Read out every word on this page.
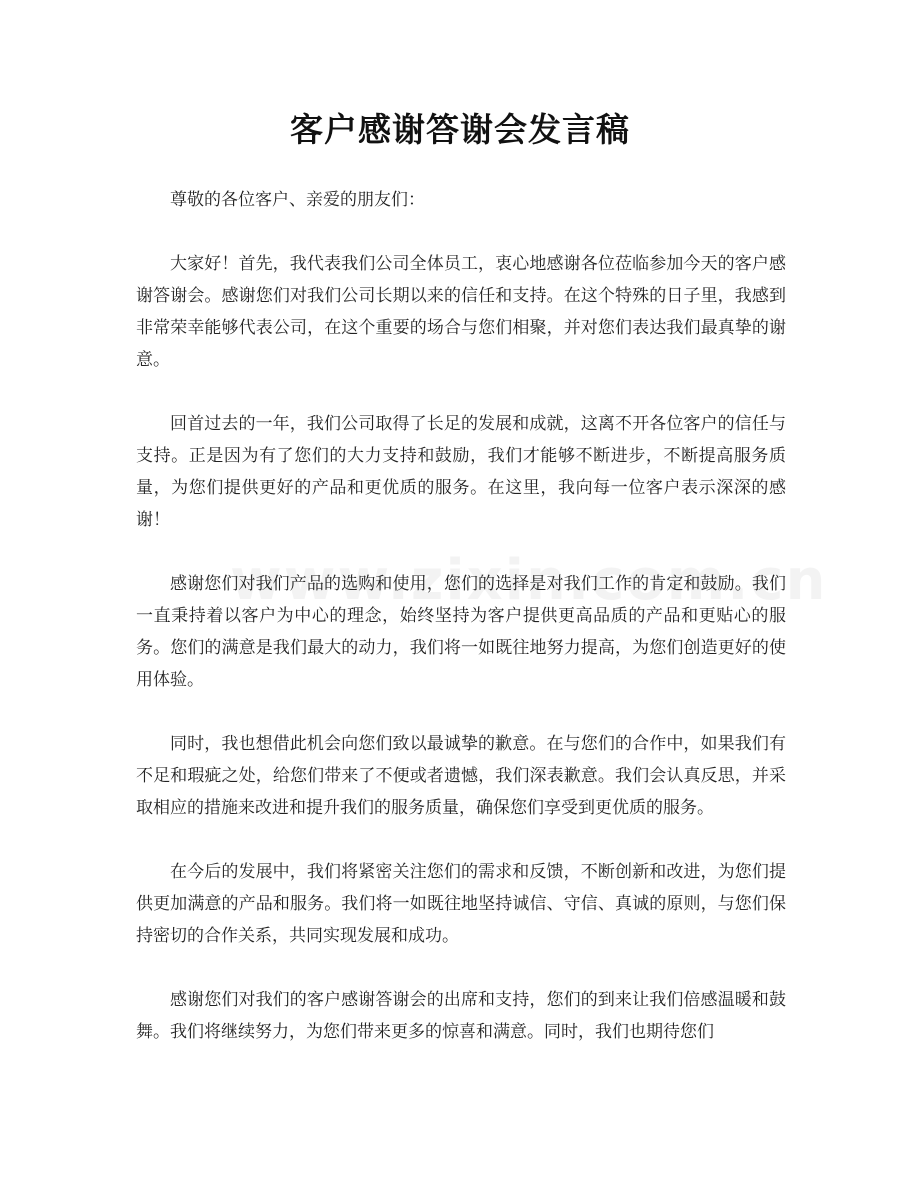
客户感谢答谢会发言稿

尊敬的各位客户、亲爱的朋友们：

大家好！首先，我代表我们公司全体员工，衷心地感谢各位莅临参加今天的客户感谢答谢会。感谢您们对我们公司长期以来的信任和支持。在这个特殊的日子里，我感到非常荣幸能够代表公司，在这个重要的场合与您们相聚，并对您们表达我们最真挚的谢意。

回首过去的一年，我们公司取得了长足的发展和成就，这离不开各位客户的信任与支持。正是因为有了您们的大力支持和鼓励，我们才能够不断进步，不断提高服务质量，为您们提供更好的产品和更优质的服务。在这里，我向每一位客户表示深深的感谢！

感谢您们对我们产品的选购和使用，您们的选择是对我们工作的肯定和鼓励。我们一直秉持着以客户为中心的理念，始终坚持为客户提供更高品质的产品和更贴心的服务。您们的满意是我们最大的动力，我们将一如既往地努力提高，为您们创造更好的使用体验。

同时，我也想借此机会向您们致以最诚挚的歉意。在与您们的合作中，如果我们有不足和瑕疵之处，给您们带来了不便或者遗憾，我们深表歉意。我们会认真反思，并采取相应的措施来改进和提升我们的服务质量，确保您们享受到更优质的服务。

在今后的发展中，我们将紧密关注您们的需求和反馈，不断创新和改进，为您们提供更加满意的产品和服务。我们将一如既往地坚持诚信、守信、真诚的原则，与您们保持密切的合作关系，共同实现发展和成功。

感谢您们对我们的客户感谢答谢会的出席和支持，您们的到来让我们倍感温暖和鼓舞。我们将继续努力，为您们带来更多的惊喜和满意。同时，我们也期待您们
